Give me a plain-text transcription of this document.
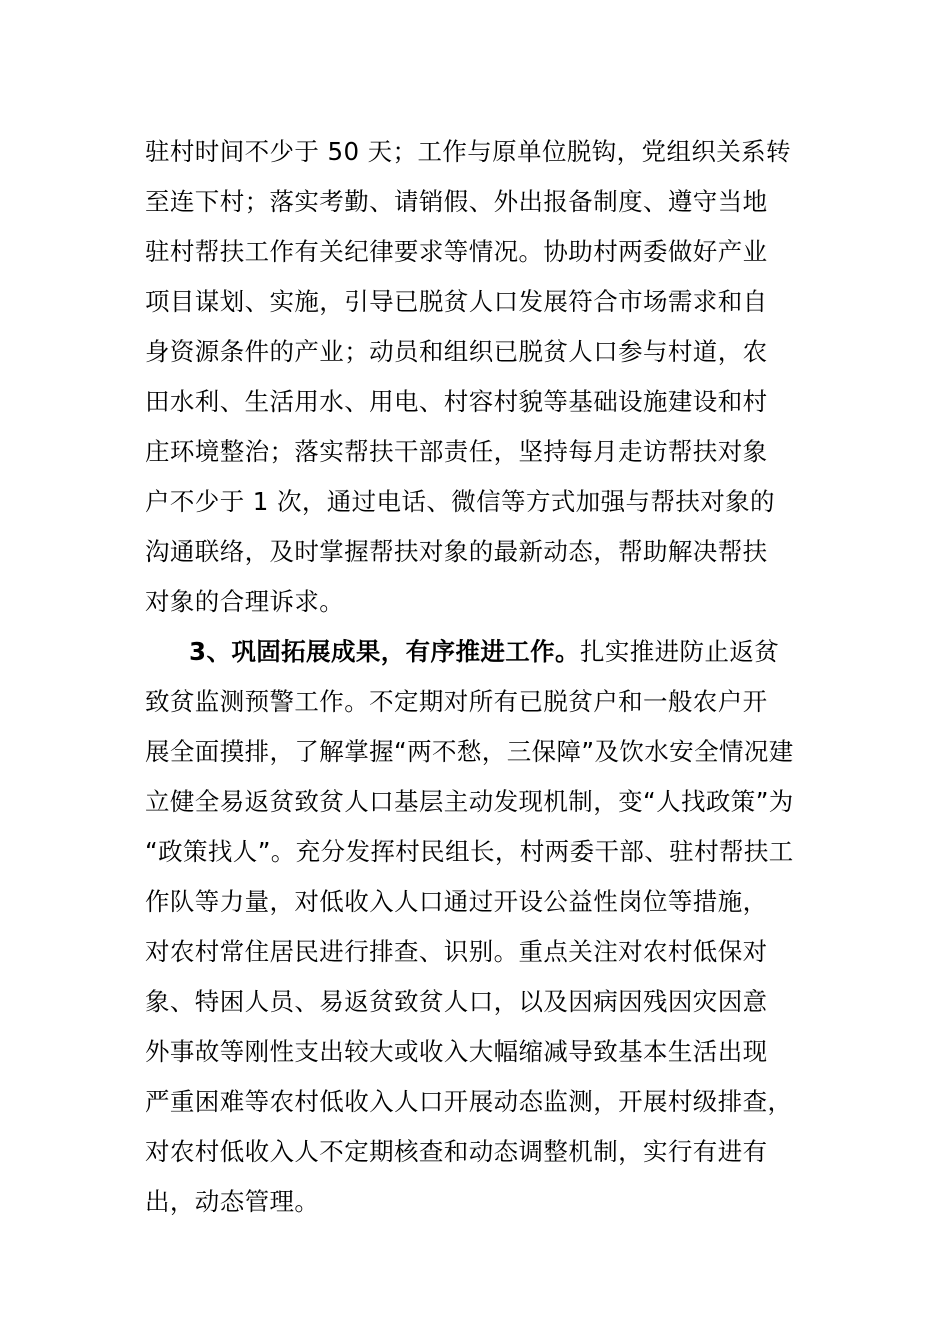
驻村时间不少于 50 天；工作与原单位脱钩，党组织关系转
至连下村；落实考勤、请销假、外出报备制度、遵守当地
驻村帮扶工作有关纪律要求等情况。协助村两委做好产业
项目谋划、实施，引导已脱贫人口发展符合市场需求和自
身资源条件的产业；动员和组织已脱贫人口参与村道，农
田水利、生活用水、用电、村容村貌等基础设施建设和村
庄环境整治；落实帮扶干部责任，坚持每月走访帮扶对象
户不少于 1 次，通过电话、微信等方式加强与帮扶对象的
沟通联络，及时掌握帮扶对象的最新动态，帮助解决帮扶
对象的合理诉求。
3、巩固拓展成果，有序推进工作。扎实推进防止返贫
致贫监测预警工作。不定期对所有已脱贫户和一般农户开
展全面摸排，了解掌握“两不愁，三保障”及饮水安全情况建
立健全易返贫致贫人口基层主动发现机制，变“人找政策”为
“政策找人”。充分发挥村民组长，村两委干部、驻村帮扶工
作队等力量，对低收入人口通过开设公益性岗位等措施，
对农村常住居民进行排查、识别。重点关注对农村低保对
象、特困人员、易返贫致贫人口，以及因病因残因灾因意
外事故等刚性支出较大或收入大幅缩减导致基本生活出现
严重困难等农村低收入人口开展动态监测，开展村级排查，
对农村低收入人不定期核查和动态调整机制，实行有进有
出，动态管理。
